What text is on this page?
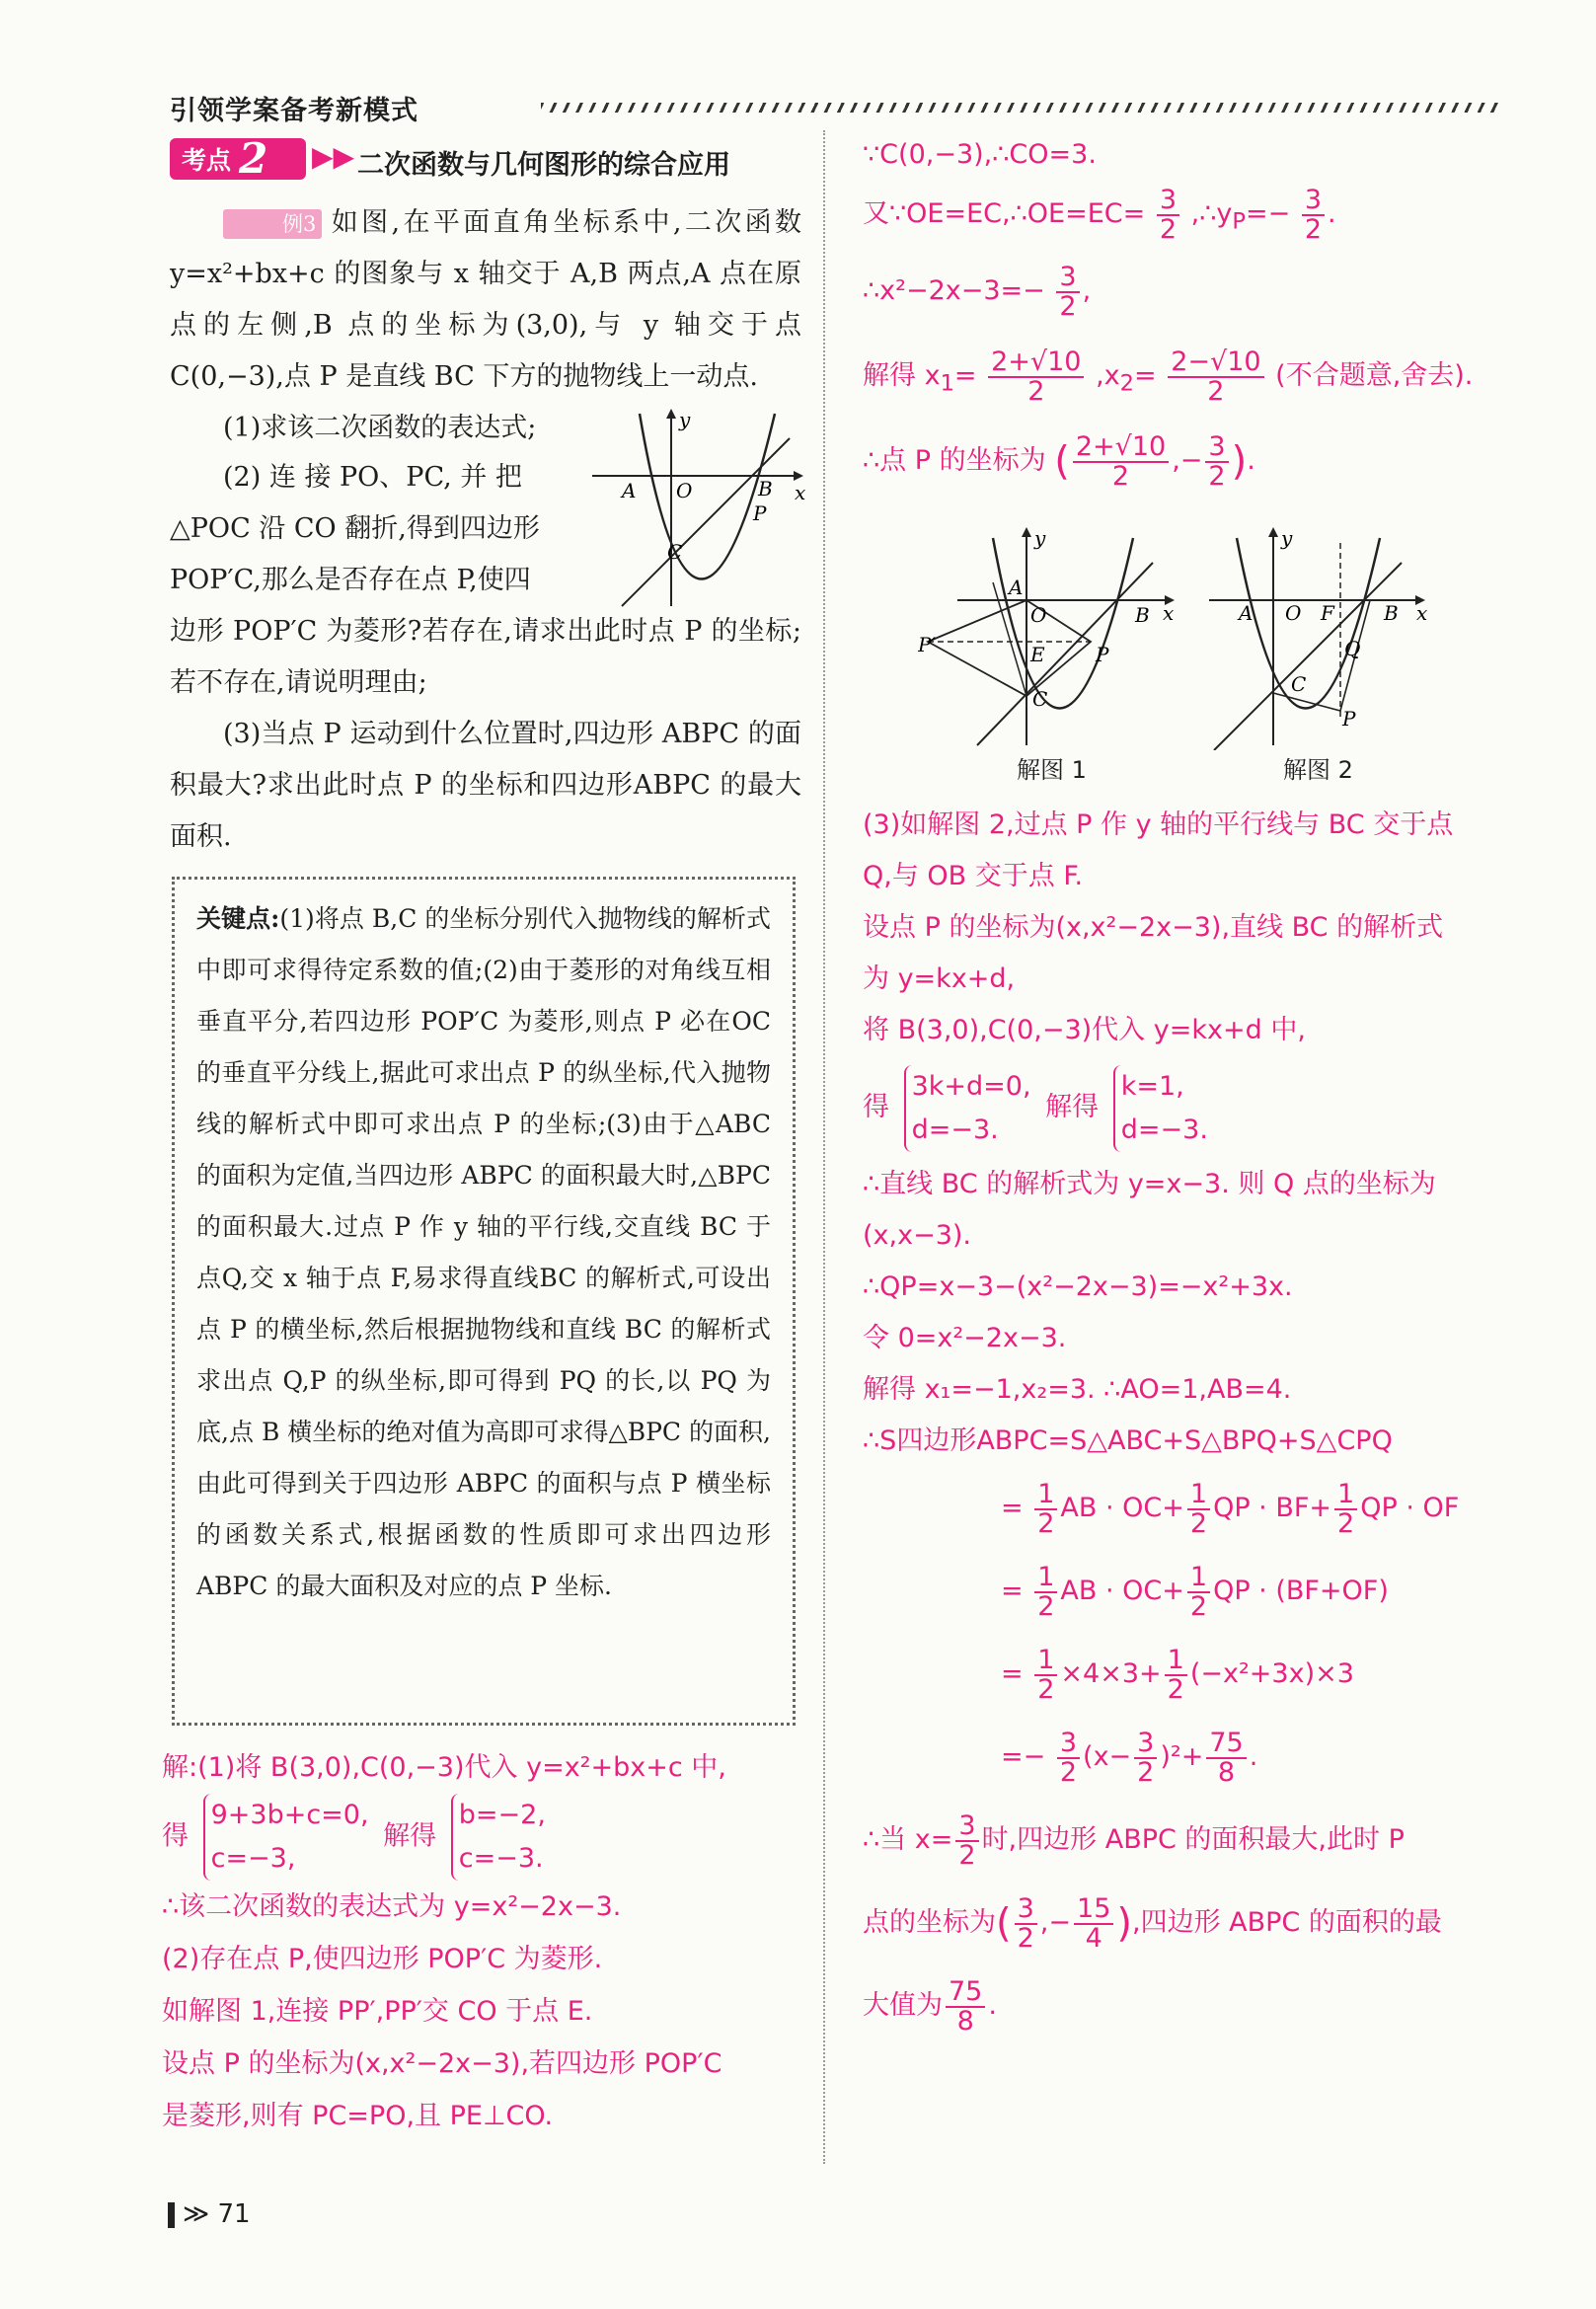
引领学案备考新模式
考点 2 ▶▶ 二次函数与几何图形的综合应用

例3 如图,在平面直角坐标系中,二次函数 y=x²+bx+c 的图象与 x 轴交于 A,B 两点,A 点在原点的左侧,B 点的坐标为(3,0),与 y 轴交于点 C(0,−3),点 P 是直线 BC 下方的抛物线上一动点.

(1)求该二次函数的表达式;

(2) 连 接 PO、PC, 并 把 △POC 沿 CO 翻折,得到四边形 POP′C,那么是否存在点 P,使四
边形 POP′C 为菱形?若存在,请求出此时点 P 的坐标;若不存在,请说明理由;

(3)当点 P 运动到什么位置时,四边形 ABPC 的面积最大?求出此时点 P 的坐标和四边形ABPC 的最大面积.

y
x
A O	B
P
C
关键点:(1)将点 B,C 的坐标分别代入抛物线的解析式中即可求得待定系数的值;(2)由于菱形的对角线互相垂直平分,若四边形 POP′C 为菱形,则点 P 必在OC 的垂直平分线上,据此可求出点 P 的纵坐标,代入抛物线的解析式中即可求出点 P 的坐标;(3)由于△ABC 的面积为定值,当四边形 ABPC 的面积最大时,△BPC 的面积最大.过点 P 作 y 轴的平行线,交直线 BC 于点Q,交 x 轴于点 F,易求得直线BC 的解析式,可设出点 P 的横坐标,然后根据抛物线和直线 BC 的解析式求出点 Q,P 的纵坐标,即可得到 PQ 的长,以 PQ 为底,点 B 横坐标的绝对值为高即可求得△BPC 的面积,由此可得到关于四边形 ABPC 的面积与点 P 横坐标的函数关系式,根据函数的性质即可求出四边形 ABPC 的最大面积及对应的点 P 坐标.
解:(1)将 B(3,0),C(0,−3)代入 y=x²+bx+c 中,
得 9+3b+c=0,
c=−3, 解得 b=−2,
c=−3.
∴该二次函数的表达式为 y=x²−2x−3.
(2)存在点 P,使四边形 POP′C 为菱形.
如解图 1,连接 PP′,PP′交 CO 于点 E.
设点 P 的坐标为(x,x²−2x−3),若四边形 POP′C
是菱形,则有 PC=PO,且 PE⊥CO.
∵C(0,−3),∴CO=3.
又∵OE=EC,∴OE=EC= $\frac{3}{2}$ $,\therefore y_P=- \frac{3}{2}$ .
∴x²−2x−3=− $\frac{3}{2}$ ,
解得 $x_1= \frac{2+√10}{2} ,x_2= \frac{2-√10}{2}$ (不合题意,舍去).
∴点 P 的坐标为 ( $\frac{2+√10}{2}$ ,− $\frac{3}{2}$ ).
y
x
A
O	B
P′	E	P
C
y
x
A O F	B
Q
C
P
解图 1	解图 2
(3)如解图 2,过点 P 作 y 轴的平行线与 BC 交于点
Q,与 OB 交于点 F.
设点 P 的坐标为(x,x²−2x−3),直线 BC 的解析式
为 y=kx+d,
将 B(3,0),C(0,−3)代入 y=kx+d 中,
得 3k+d=0,
d=−3. 解得 k=1,
d=−3.
∴直线 BC 的解析式为 y=x−3. 则 Q 点的坐标为
(x,x−3).
∴QP=x−3−(x²−2x−3)=−x²+3x.
令 0=x²−2x−3.
解得 x₁=−1,x₂=3. ∴AO=1,AB=4.
∴S四边形ABPC=S△ABC+S△BPQ+S△CPQ
= $\frac{1}{2}$ AB · $OC+ \frac{1}{2}$ QP · $BF+ \frac{1}{2}$ QP · OF
= $\frac{1}{2}$ AB · $OC+ \frac{1}{2}$ QP · (BF+OF)
= $\frac{1}{2} \times 4\times 3+ \frac{1}{2} (-x^2+3x)\times 3$
=− $\frac{3}{2} (x- \frac{3}{2} )^2+ \frac{75}{8}$ .
∴当 $x= \frac{3}{2}$ 时,四边形 ABPC 的面积最大,此时 P
点的坐标为( $\frac{3}{2}$ ,− $\frac{15}{4}$ ),四边形 ABPC 的面积的最
大值为 $\frac{75}{8}$ .
≫ 71
